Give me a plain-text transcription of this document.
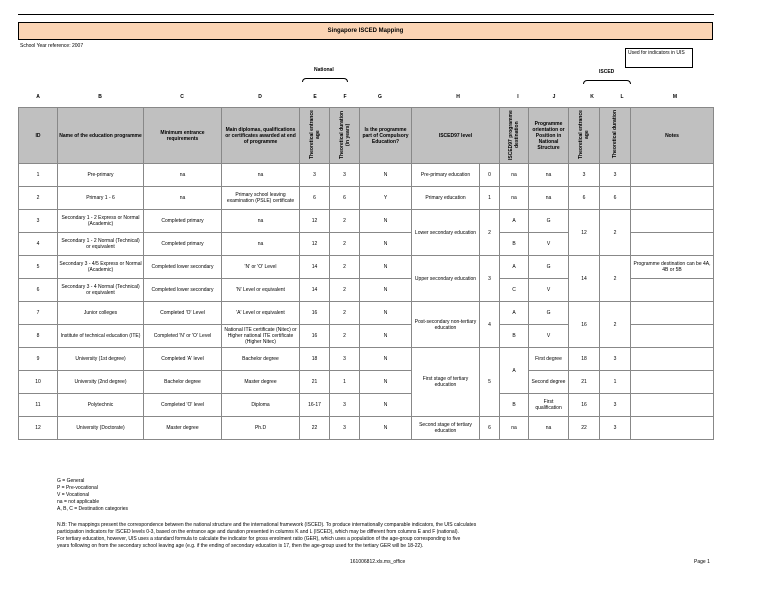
Singapore ISCED Mapping
School Year reference: 2007
Used for indicators in UIS
National	ISCED
A	B	C	D	E	F	G	H	I	J	K	L	M
ID	Name of the education programme	Minimum entrance requirements	Main diplomas, qualifications or certificates awarded at end of programme	Theoretical entrance age	Theoretical duration (in years)	Is the programme part of Compulsory Education?	ISCED97 level		ISCED97 programme destination	Programme orientation or Position in National Structure	Theoretical entrance age	Theoretical duration	Notes
1	Pre-primary	na	na	3	3	N	Pre-primary education	0	na	na	3	3	
2	Primary 1 - 6	na	Primary school leaving examination (PSLE) certificate	6	6	Y	Primary education	1	na	na	6	6	
3	Secondary 1 - 2 Express or Normal (Academic)	Completed primary	na	12	2	N	Lower secondary education	2	A	G	12	2	
4	Secondary 1 - 2 Normal (Technical) or equivalent	Completed primary	na	12	2	N			B	V			
5	Secondary 3 - 4/5 Express or Normal (Academic)	Completed lower secondary	'N' or 'O' Level	14	2	N	Upper secondary education	3	A	G	14	2	Programme destination can be 4A, 4B or 5B
6	Secondary 3 - 4 Normal (Technical) or equivalent	Completed lower secondary	'N' Level or equivalent	14	2	N			C	V			
7	Junior colleges	Completed 'O' Level	'A' Level or equivalent	16	2	N	Post-secondary non-tertiary education	4	A	G	16	2	
8	Institute of technical education (ITE)	Completed 'N' or 'O' Level	National ITE certificate (Nitec) or Higher national ITE certificate (Higher Nitec)	16	2	N			B	V			
9	University (1st degree)	Completed 'A' level	Bachelor degree	18	3	N	First stage of tertiary education	5	A	First degree	18	3	
10	University (2nd degree)	Bachelor degree	Master degree	21	1	N				Second degree	21	1	
11	Polytechnic	Completed 'O' level	Diploma	16-17	3	N			B	First qualification	16	3	
12	University (Doctorate)	Master degree	Ph.D	22	3	N	Second stage of tertiary education	6	na	na	22	3	
G = General
P = Pre-vocational
V = Vocational
na = not applicable
A, B, C = Destination categories
N.B: The mappings present the correspondence between the national structure and the international framework (ISCED). To produce internationally comparable indicators, the UIS calculates
participation indicators for ISCED levels 0-3, based on the entrance age and duration presented in columns K and L (ISCED), which may be different from columns E and F (national).
For tertiary education, however, UIS uses a standard formula to calculate the indicator for gross enrolment ratio (GER), which uses a population of the age-group corresponding to five
years following on from the secondary school leaving age (e.g. if the ending of secondary education is 17, then the age-group used for the tertiary GER will be 18-22).
161006812.xls.ms_office	Page 1
